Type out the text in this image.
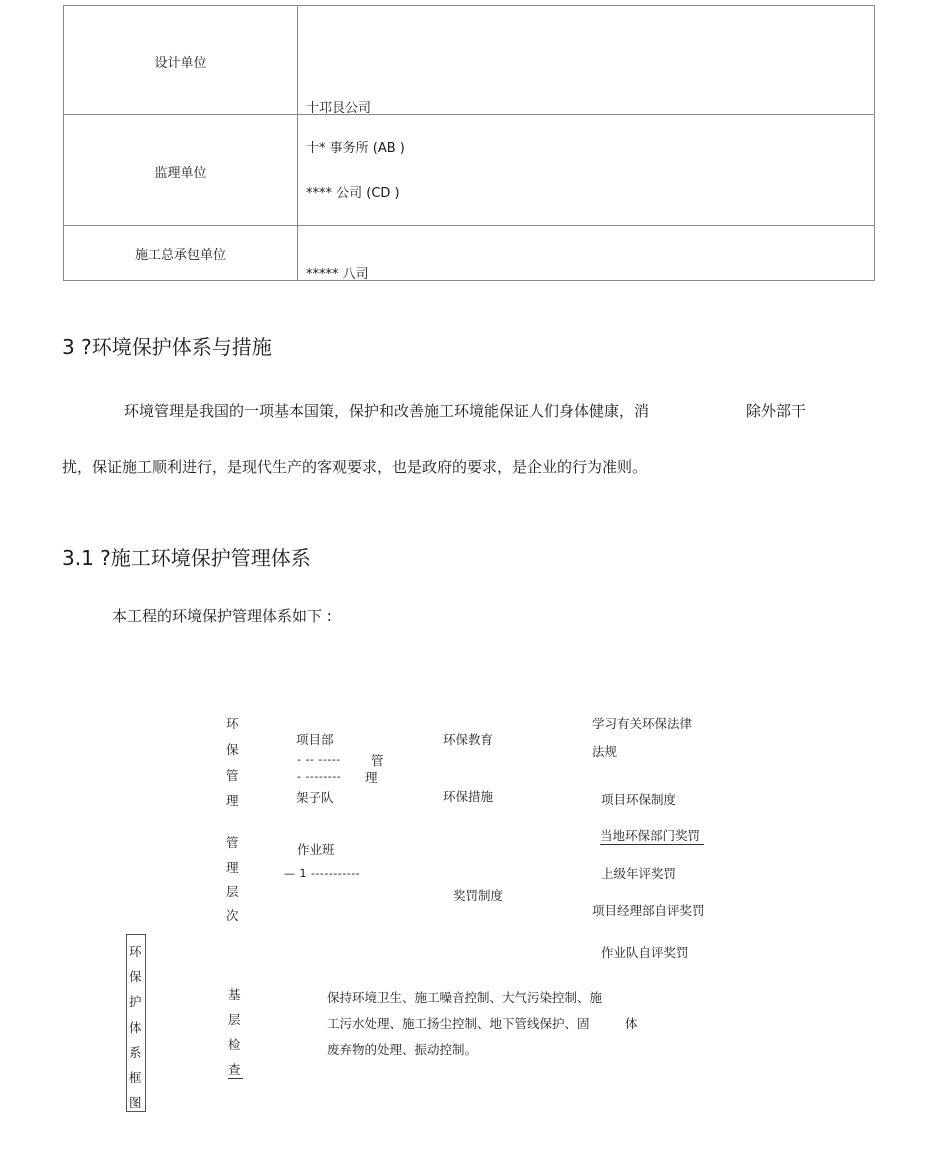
设计单位	十邛艮公司

监理单位	十* 事务所 (AB )
**** 公司 (CD )

施工总承包单位	***** 八司
3 ?环境保护体系与措施
环境管理是我国的一项基本国策，保护和改善施工环境能保证人们身体健康，消	除外部干
扰，保证施工顺利进行，是现代生产的客观要求，也是政府的要求，是企业的行为准则。
3.1 ?施工环境保护管理体系
本工程的环境保护管理体系如下 :
环
保
管
理
管
理
层
次
基
层
检
查
环
保
护
体
系
框
图
项目部
- -- ----- 管
- -------- 理
架子队
作业班
— 1 -----------
环保教育
环保措施
奖罚制度
学习有关环保法律
法规
项目环保制度
当地环保部门奖罚
上级年评奖罚
项目经理部自评奖罚
作业队自评奖罚
保持环境卫生、施工噪音控制、大气污染控制、施
工污水处理、施工扬尘控制、地下管线保护、固	体
废弃物的处理、振动控制。
